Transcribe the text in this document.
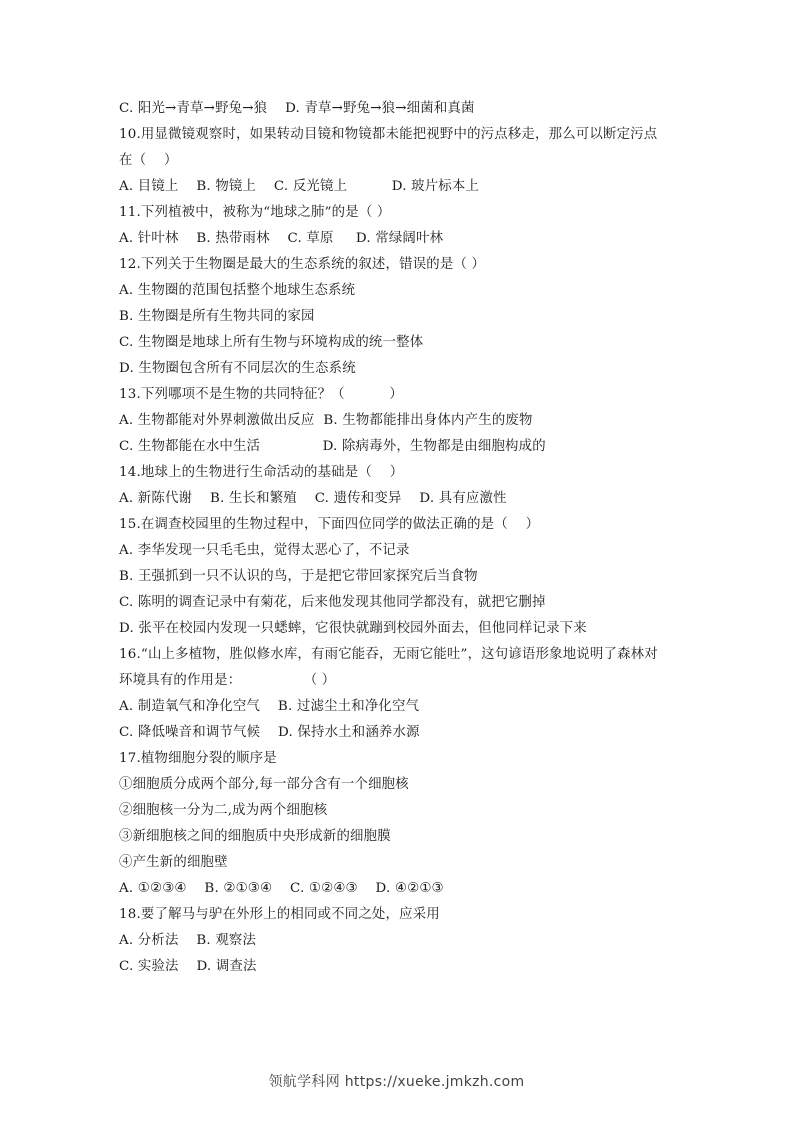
C. 阳光→青草→野兔→狼    D. 青草→野兔→狼→细菌和真菌
10.用显微镜观察时，如果转动目镜和物镜都未能把视野中的污点移走，那么可以断定污点
在（    ）
A. 目镜上    B. 物镜上    C. 反光镜上          D. 玻片标本上
11.下列植被中，被称为“地球之肺”的是（ ）
A. 针叶林    B. 热带雨林    C. 草原     D. 常绿阔叶林
12.下列关于生物圈是最大的生态系统的叙述，错误的是（ ）
A. 生物圈的范围包括整个地球生态系统
B. 生物圈是所有生物共同的家园
C. 生物圈是地球上所有生物与环境构成的统一整体
D. 生物圈包含所有不同层次的生态系统
13.下列哪项不是生物的共同特征？（          ）
A. 生物都能对外界刺激做出反应  B. 生物都能排出身体内产生的废物
C. 生物都能在水中生活              D. 除病毒外，生物都是由细胞构成的
14.地球上的生物进行生命活动的基础是（    ）
A. 新陈代谢    B. 生长和繁殖    C. 遗传和变异    D. 具有应激性
15.在调查校园里的生物过程中，下面四位同学的做法正确的是（    ）
A. 李华发现一只毛毛虫，觉得太恶心了，不记录
B. 王强抓到一只不认识的鸟，于是把它带回家探究后当食物
C. 陈明的调查记录中有菊花，后来他发现其他同学都没有，就把它删掉
D. 张平在校园内发现一只蟋蟀，它很快就蹦到校园外面去，但他同样记录下来
16.“山上多植物，胜似修水库，有雨它能吞，无雨它能吐”，这句谚语形象地说明了森林对
环境具有的作用是：              （ ）
A. 制造氧气和净化空气    B. 过滤尘土和净化空气
C. 降低噪音和调节气候    D. 保持水土和涵养水源
17.植物细胞分裂的顺序是
①细胞质分成两个部分,每一部分含有一个细胞核
②细胞核一分为二,成为两个细胞核
③新细胞核之间的细胞质中央形成新的细胞膜
④产生新的细胞壁
A. ①②③④    B. ②①③④    C. ①②④③    D. ④②①③
18.要了解马与驴在外形上的相同或不同之处，应采用
A. 分析法    B. 观察法
C. 实验法    D. 调查法
领航学科网 https://xueke.jmkzh.com
